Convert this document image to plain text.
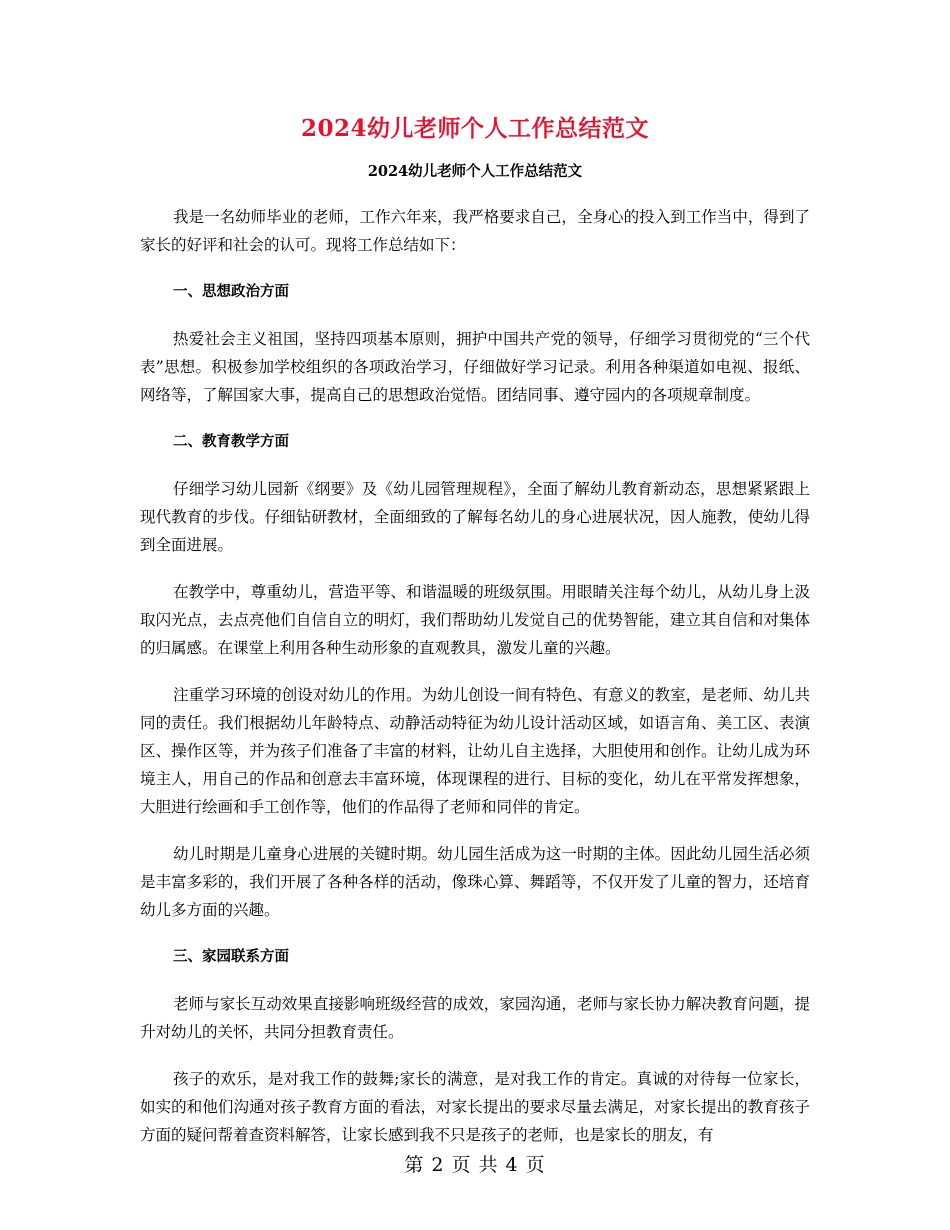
2024幼儿老师个人工作总结范文
2024幼儿老师个人工作总结范文

我是一名幼师毕业的老师，工作六年来，我严格要求自己，全身心的投入到工作当中，得到了家长的好评和社会的认可。现将工作总结如下：

一、思想政治方面

热爱社会主义祖国，坚持四项基本原则，拥护中国共产党的领导，仔细学习贯彻党的“三个代表”思想。积极参加学校组织的各项政治学习，仔细做好学习记录。利用各种渠道如电视、报纸、网络等，了解国家大事，提高自己的思想政治觉悟。团结同事、遵守园内的各项规章制度。

二、教育教学方面

仔细学习幼儿园新《纲要》及《幼儿园管理规程》，全面了解幼儿教育新动态，思想紧紧跟上现代教育的步伐。仔细钻研教材，全面细致的了解每名幼儿的身心进展状况，因人施教，使幼儿得到全面进展。

在教学中，尊重幼儿，营造平等、和谐温暖的班级氛围。用眼睛关注每个幼儿，从幼儿身上汲取闪光点，去点亮他们自信自立的明灯，我们帮助幼儿发觉自己的优势智能，建立其自信和对集体的归属感。在课堂上利用各种生动形象的直观教具，激发儿童的兴趣。

注重学习环境的创设对幼儿的作用。为幼儿创设一间有特色、有意义的教室，是老师、幼儿共同的责任。我们根据幼儿年龄特点、动静活动特征为幼儿设计活动区域，如语言角、美工区、表演区、操作区等，并为孩子们准备了丰富的材料，让幼儿自主选择，大胆使用和创作。让幼儿成为环境主人，用自己的作品和创意去丰富环境，体现课程的进行、目标的变化，幼儿在平常发挥想象，大胆进行绘画和手工创作等，他们的作品得了老师和同伴的肯定。

幼儿时期是儿童身心进展的关键时期。幼儿园生活成为这一时期的主体。因此幼儿园生活必须是丰富多彩的，我们开展了各种各样的活动，像珠心算、舞蹈等，不仅开发了儿童的智力，还培育幼儿多方面的兴趣。

三、家园联系方面

老师与家长互动效果直接影响班级经营的成效，家园沟通，老师与家长协力解决教育问题，提升对幼儿的关怀，共同分担教育责任。

孩子的欢乐，是对我工作的鼓舞;家长的满意，是对我工作的肯定。真诚的对待每一位家长，如实的和他们沟通对孩子教育方面的看法，对家长提出的要求尽量去满足，对家长提出的教育孩子方面的疑问帮着查资料解答，让家长感到我不只是孩子的老师，也是家长的朋友，有

第 2 页 共 4 页
